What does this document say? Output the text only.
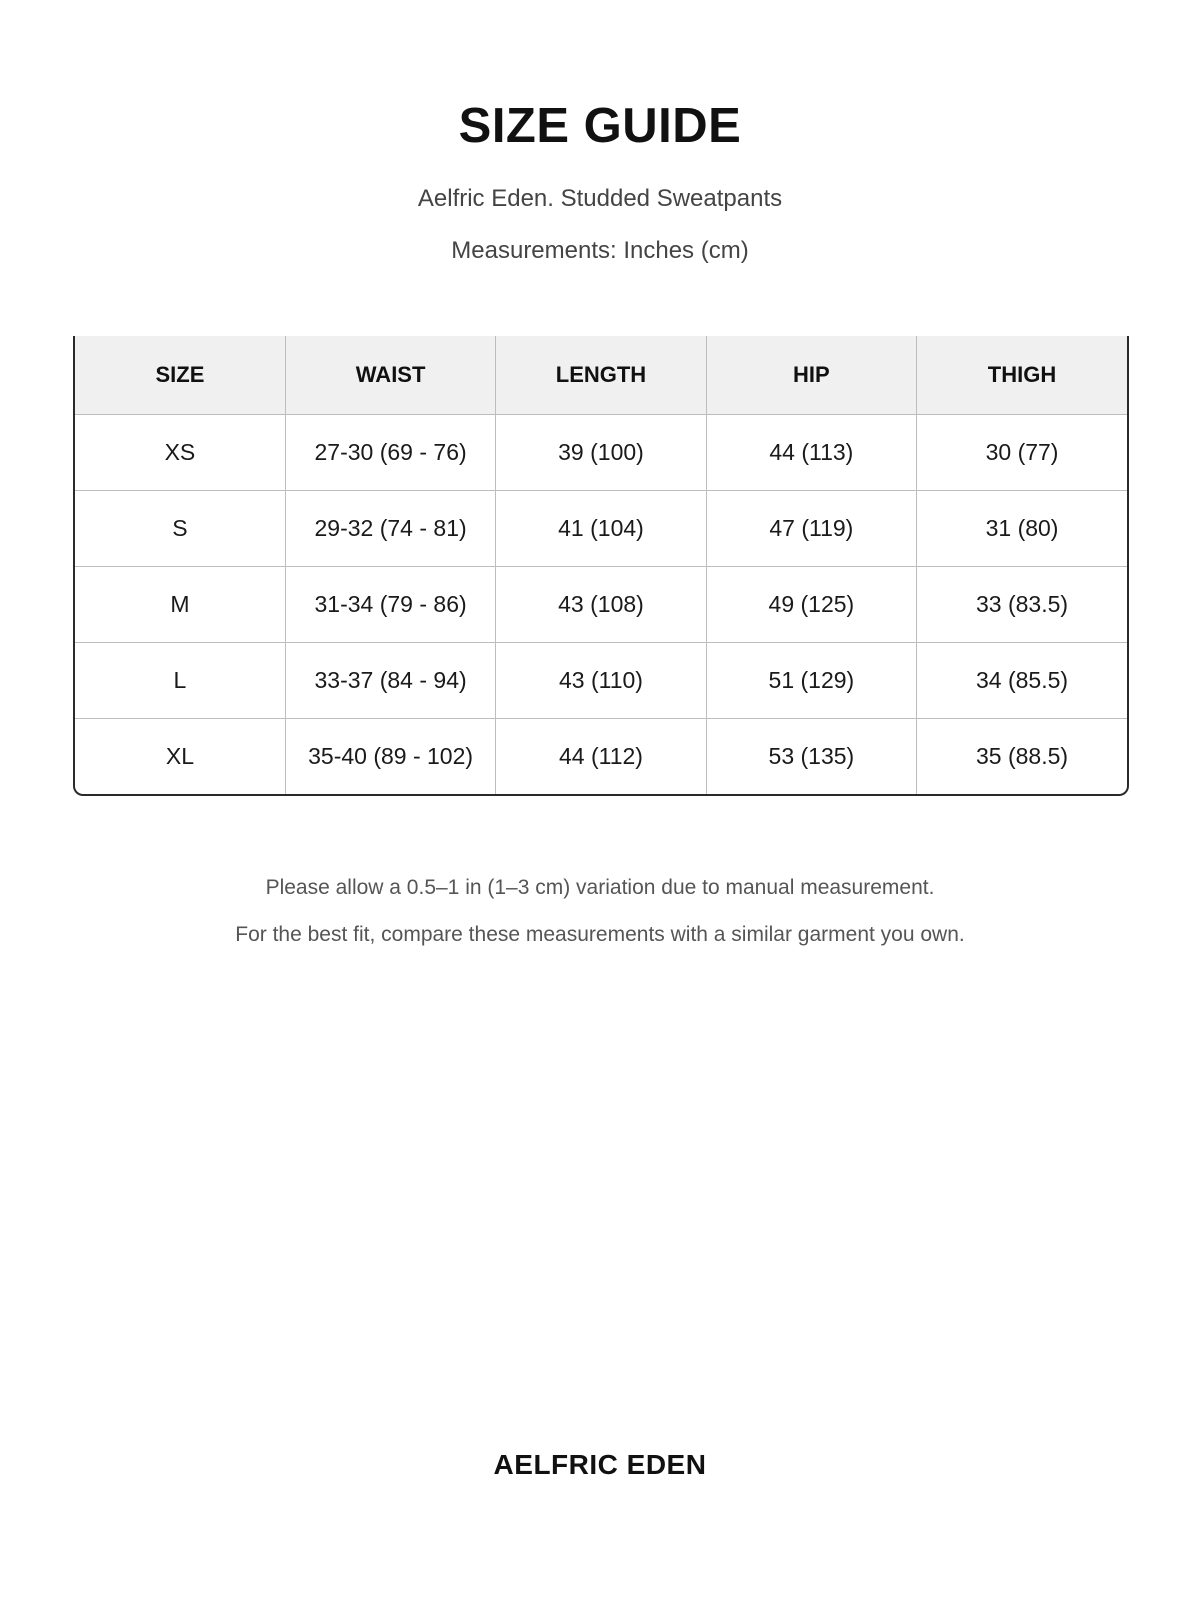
SIZE GUIDE

Aelfric Eden. Studded Sweatpants

Measurements: Inches (cm)

SIZE	WAIST	LENGTH	HIP	THIGH
XS	27-30 (69 - 76)	39 (100)	44 (113)	30 (77)
S	29-32 (74 - 81)	41 (104)	47 (119)	31 (80)
M	31-34 (79 - 86)	43 (108)	49 (125)	33 (83.5)
L	33-37 (84 - 94)	43 (110)	51 (129)	34 (85.5)
XL	35-40 (89 - 102)	44 (112)	53 (135)	35 (88.5)

Please allow a 0.5–1 in (1–3 cm) variation due to manual measurement.

For the best fit, compare these measurements with a similar garment you own.

AELFRIC EDEN
